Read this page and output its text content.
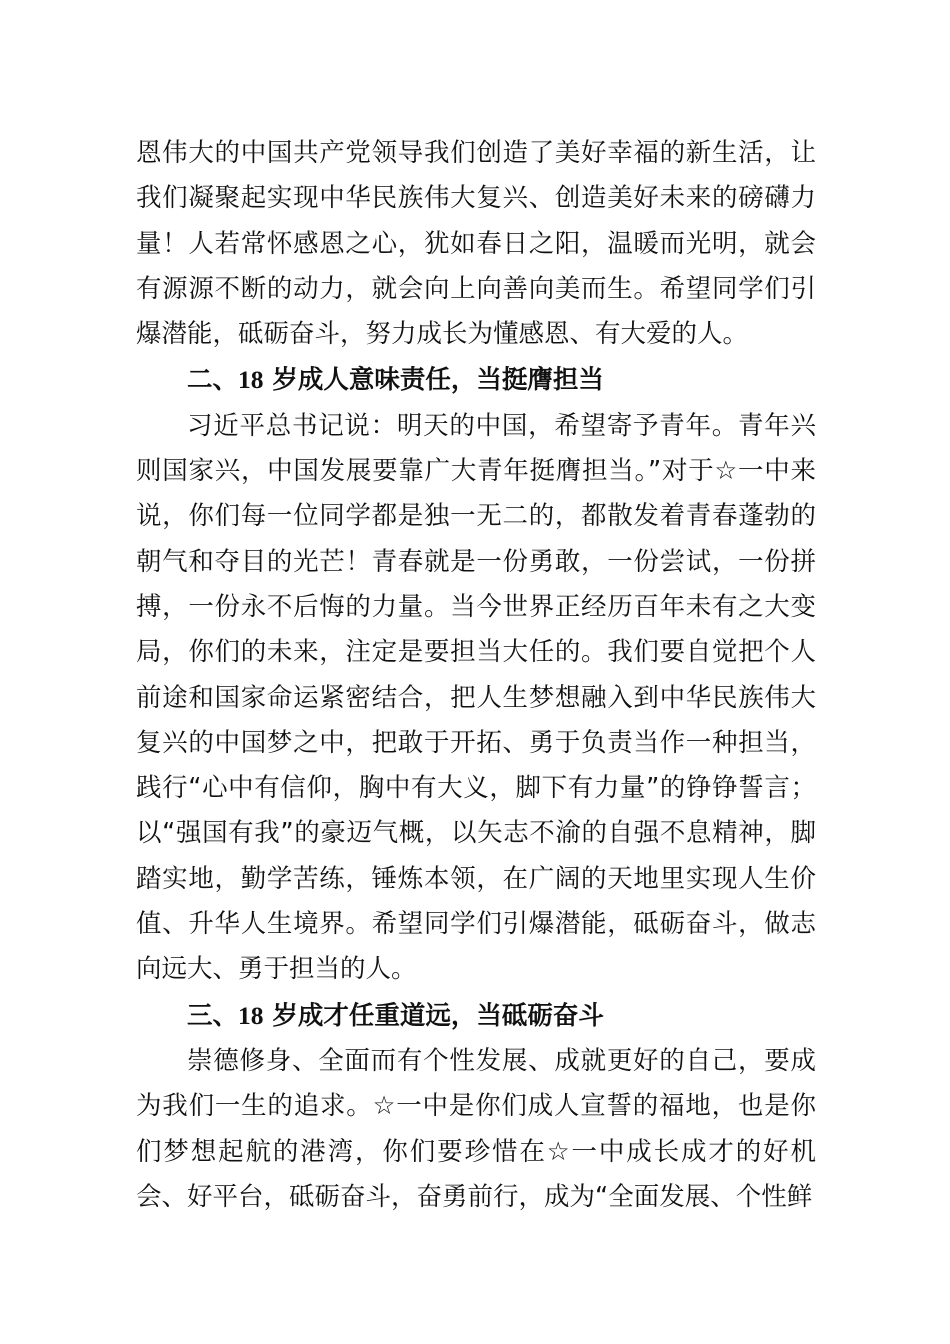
恩伟大的中国共产党领导我们创造了美好幸福的新生活，让我们凝聚起实现中华民族伟大复兴、创造美好未来的磅礴力量！人若常怀感恩之心，犹如春日之阳，温暖而光明，就会有源源不断的动力，就会向上向善向美而生。希望同学们引爆潜能，砥砺奋斗，努力成长为懂感恩、有大爱的人。

二、18 岁成人意味责任，当挺膺担当

习近平总书记说：明天的中国，希望寄予青年。青年兴则国家兴，中国发展要靠广大青年挺膺担当。”对于☆一中来说，你们每一位同学都是独一无二的，都散发着青春蓬勃的朝气和夺目的光芒！青春就是一份勇敢，一份尝试，一份拼搏，一份永不后悔的力量。当今世界正经历百年未有之大变局，你们的未来，注定是要担当大任的。我们要自觉把个人前途和国家命运紧密结合，把人生梦想融入到中华民族伟大复兴的中国梦之中，把敢于开拓、勇于负责当作一种担当，践行“心中有信仰，胸中有大义，脚下有力量”的铮铮誓言；以“强国有我”的豪迈气概，以矢志不渝的自强不息精神，脚踏实地，勤学苦练，锤炼本领，在广阔的天地里实现人生价值、升华人生境界。希望同学们引爆潜能，砥砺奋斗，做志向远大、勇于担当的人。

三、18 岁成才任重道远，当砥砺奋斗

崇德修身、全面而有个性发展、成就更好的自己，要成为我们一生的追求。☆一中是你们成人宣誓的福地，也是你们梦想起航的港湾，你们要珍惜在☆一中成长成才的好机会、好平台，砥砺奋斗，奋勇前行，成为“全面发展、个性鲜
